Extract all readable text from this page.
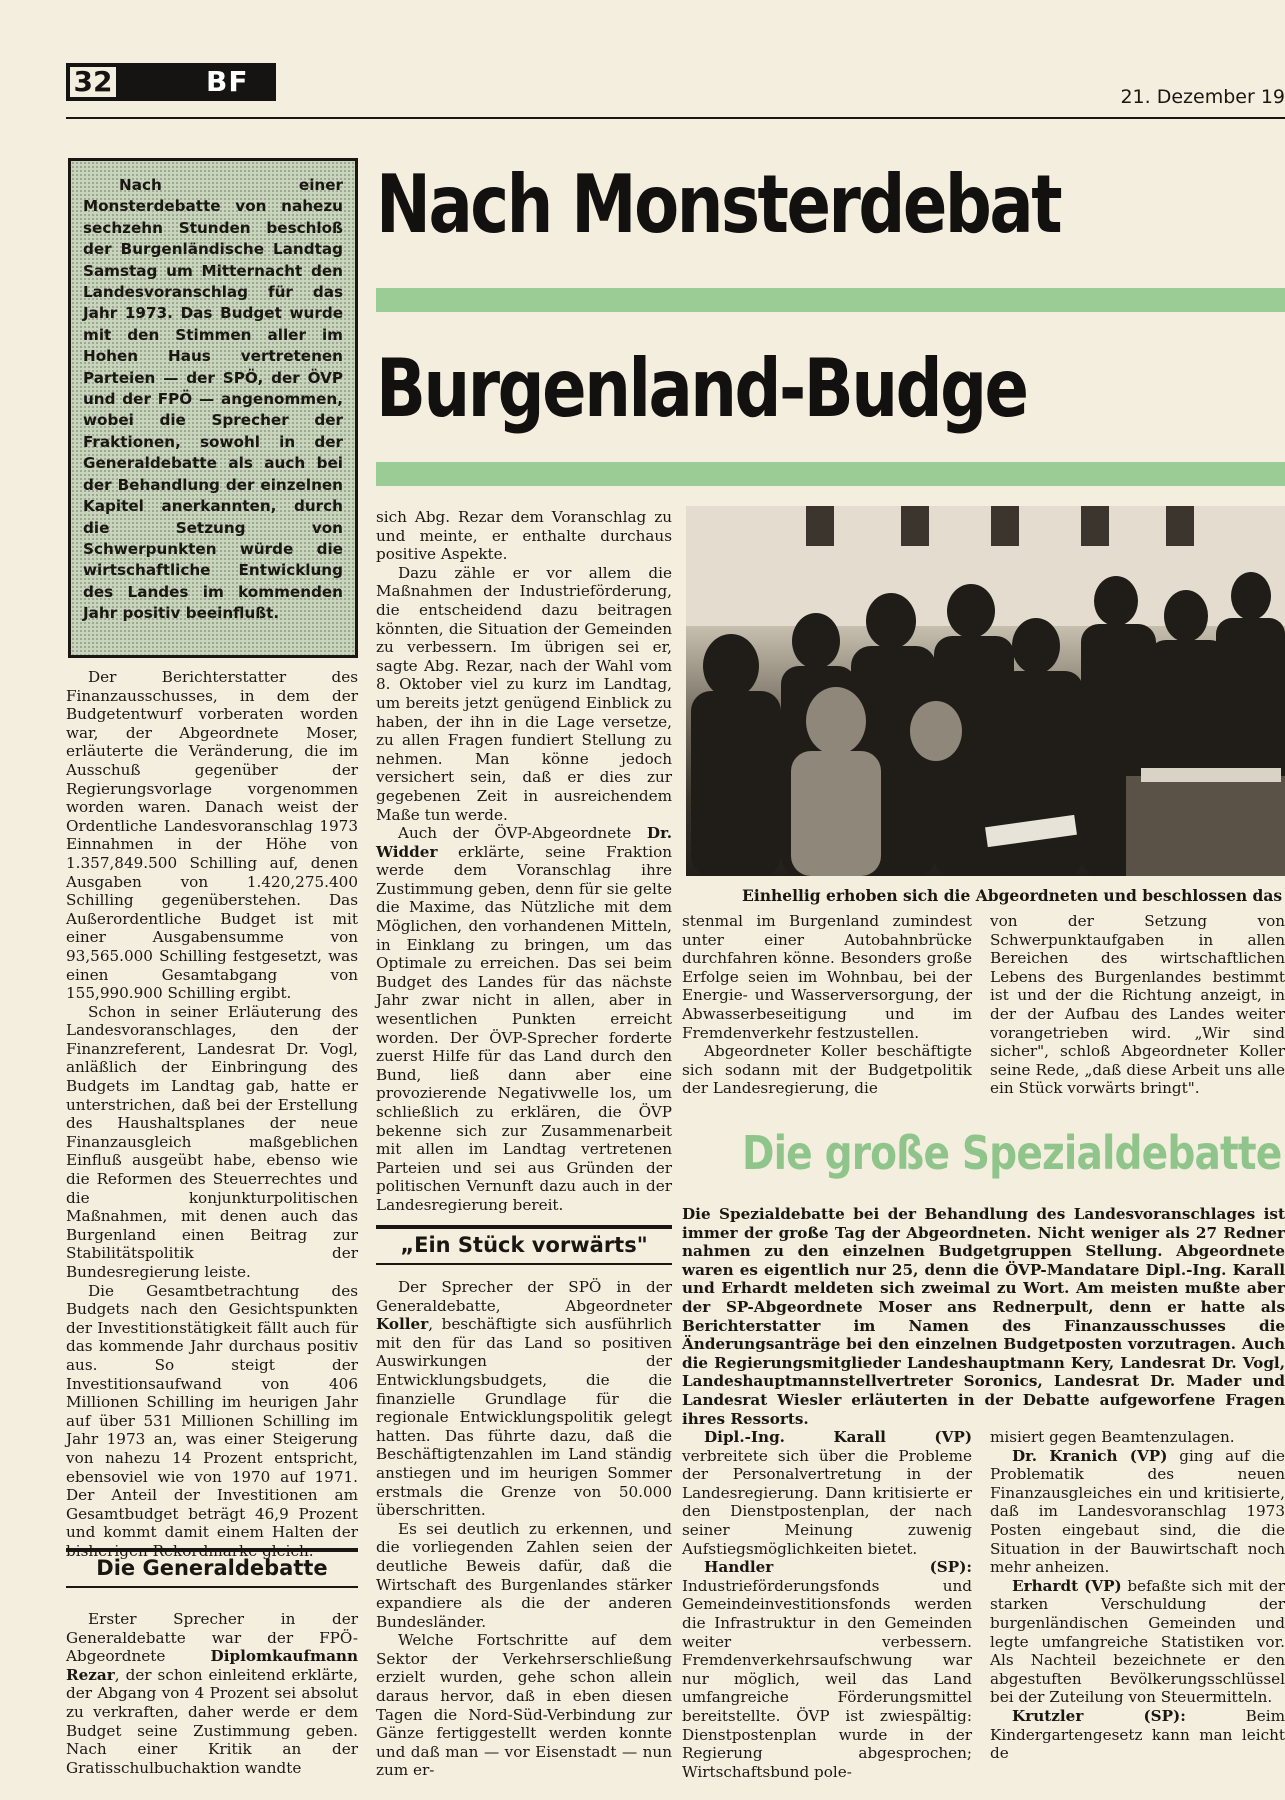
32	BF	21. Dezember 19
Nach einer Monsterdebatte von nahezu sechzehn Stunden beschloß der Burgenländische Landtag Samstag um Mitternacht den Landesvoranschlag für das Jahr 1973. Das Budget wurde mit den Stimmen aller im Hohen Haus vertretenen Parteien — der SPÖ, der ÖVP und der FPÖ — angenommen, wobei die Sprecher der Fraktionen, sowohl in der Generaldebatte als auch bei der Behandlung der einzelnen Kapitel anerkannten, durch die Setzung von Schwerpunkten würde die wirtschaftliche Entwicklung des Landes im kommenden Jahr positiv beeinflußt.
Nach Monsterdebat
Burgenland-Budge

Der Berichterstatter des Finanzausschusses, in dem der Budgetentwurf vorberaten worden war, der Abgeordnete Moser, erläuterte die Veränderung, die im Ausschuß gegenüber der Regierungsvorlage vorgenommen worden waren. Danach weist der Ordentliche Landesvoranschlag 1973 Einnahmen in der Höhe von 1.357,849.500 Schilling auf, denen Ausgaben von 1.420,275.400 Schilling gegenüberstehen. Das Außerordentliche Budget ist mit einer Ausgabensumme von 93,565.000 Schilling festgesetzt, was einen Gesamtabgang von 155,990.900 Schilling ergibt.

Schon in seiner Erläuterung des Landesvoranschlages, den der Finanzreferent, Landesrat Dr. Vogl, anläßlich der Einbringung des Budgets im Landtag gab, hatte er unterstrichen, daß bei der Erstellung des Haushaltsplanes der neue Finanzausgleich maßgeblichen Einfluß ausgeübt habe, ebenso wie die Reformen des Steuerrechtes und die konjunkturpolitischen Maßnahmen, mit denen auch das Burgenland einen Beitrag zur Stabilitätspolitik der Bundesregierung leiste.

Die Gesamtbetrachtung des Budgets nach den Gesichtspunkten der Investitionstätigkeit fällt auch für das kommende Jahr durchaus positiv aus. So steigt der Investitionsaufwand von 406 Millionen Schilling im heurigen Jahr auf über 531 Millionen Schilling im Jahr 1973 an, was einer Steigerung von nahezu 14 Prozent entspricht, ebensoviel wie von 1970 auf 1971. Der Anteil der Investitionen am Gesamtbudget beträgt 46,9 Prozent und kommt damit einem Halten der bisherigen Rekordmarke gleich.

Die Generaldebatte

Erster Sprecher in der Generaldebatte war der FPÖ-Abgeordnete Diplomkaufmann Rezar, der schon einleitend erklärte, der Abgang von 4 Prozent sei absolut zu verkraften, daher werde er dem Budget seine Zustimmung geben. Nach einer Kritik an der Gratisschulbuchaktion wandte

sich Abg. Rezar dem Voranschlag zu und meinte, er enthalte durchaus positive Aspekte.

Dazu zähle er vor allem die Maßnahmen der Industrieförderung, die entscheidend dazu beitragen könnten, die Situation der Gemeinden zu verbessern. Im übrigen sei er, sagte Abg. Rezar, nach der Wahl vom 8. Oktober viel zu kurz im Landtag, um bereits jetzt genügend Einblick zu haben, der ihn in die Lage versetze, zu allen Fragen fundiert Stellung zu nehmen. Man könne jedoch versichert sein, daß er dies zur gegebenen Zeit in ausreichendem Maße tun werde.

Auch der ÖVP-Abgeordnete Dr. Widder erklärte, seine Fraktion werde dem Voranschlag ihre Zustimmung geben, denn für sie gelte die Maxime, das Nützliche mit dem Möglichen, den vorhandenen Mitteln, in Einklang zu bringen, um das Optimale zu erreichen. Das sei beim Budget des Landes für das nächste Jahr zwar nicht in allen, aber in wesentlichen Punkten erreicht worden. Der ÖVP-Sprecher forderte zuerst Hilfe für das Land durch den Bund, ließ dann aber eine provozierende Negativwelle los, um schließlich zu erklären, die ÖVP bekenne sich zur Zusammenarbeit mit allen im Landtag vertretenen Parteien und sei aus Gründen der politischen Vernunft dazu auch in der Landesregierung bereit.

„Ein Stück vorwärts"

Der Sprecher der SPÖ in der Generaldebatte, Abgeordneter Koller, beschäftigte sich ausführlich mit den für das Land so positiven Auswirkungen der Entwicklungsbudgets, die die finanzielle Grundlage für die regionale Entwicklungspolitik gelegt hatten. Das führte dazu, daß die Beschäftigtenzahlen im Land ständig anstiegen und im heurigen Sommer erstmals die Grenze von 50.000 überschritten.

Es sei deutlich zu erkennen, und die vorliegenden Zahlen seien der deutliche Beweis dafür, daß die Wirtschaft des Burgenlandes stärker expandiere als die der anderen Bundesländer.

Welche Fortschritte auf dem Sektor der Verkehrserschließung erzielt wurden, gehe schon allein daraus hervor, daß in eben diesen Tagen die Nord-Süd-Verbindung zur Gänze fertiggestellt werden konnte und daß man — vor Eisenstadt — nun zum er-

Einhellig erhoben sich die Abgeordneten und beschlossen das

stenmal im Burgenland zumindest unter einer Autobahnbrücke durchfahren könne. Besonders große Erfolge seien im Wohnbau, bei der Energie- und Wasserversorgung, der Abwasserbeseitigung und im Fremdenverkehr festzustellen.

Abgeordneter Koller beschäftigte sich sodann mit der Budgetpolitik der Landesregierung, die

von der Setzung von Schwerpunktaufgaben in allen Bereichen des wirtschaftlichen Lebens des Burgenlandes bestimmt ist und der die Richtung anzeigt, in der der Aufbau des Landes weiter vorangetrieben wird. „Wir sind sicher", schloß Abgeordneter Koller seine Rede, „daß diese Arbeit uns alle ein Stück vorwärts bringt".

Die große Spezialdebatte
Die Spezialdebatte bei der Behandlung des Landesvoranschlages ist immer der große Tag der Abgeordneten. Nicht weniger als 27 Redner nahmen zu den einzelnen Budgetgruppen Stellung. Abgeordnete waren es eigentlich nur 25, denn die ÖVP-Mandatare Dipl.-Ing. Karall und Erhardt meldeten sich zweimal zu Wort. Am meisten mußte aber der SP-Abgeordnete Moser ans Rednerpult, denn er hatte als Berichterstatter im Namen des Finanzausschusses die Änderungsanträge bei den einzelnen Budgetposten vorzutragen. Auch die Regierungsmitglieder Landeshauptmann Kery, Landesrat Dr. Vogl, Landeshauptmannstellvertreter Soronics, Landesrat Dr. Mader und Landesrat Wiesler erläuterten in der Debatte aufgeworfene Fragen ihres Ressorts.

Dipl.-Ing. Karall (VP) verbreitete sich über die Probleme der Personalvertretung in der Landesregierung. Dann kritisierte er den Dienstpostenplan, der nach seiner Meinung zuwenig Aufstiegsmöglichkeiten bietet.

Handler (SP): Industrieförderungsfonds und Gemeindeinvestitionsfonds werden die Infrastruktur in den Gemeinden weiter verbessern. Fremdenverkehrsaufschwung war nur möglich, weil das Land umfangreiche Förderungsmittel bereitstellte. ÖVP ist zwiespältig: Dienstpostenplan wurde in der Regierung abgesprochen; Wirtschaftsbund pole-

misiert gegen Beamtenzulagen.

Dr. Kranich (VP) ging auf die Problematik des neuen Finanzausgleiches ein und kritisierte, daß im Landesvoranschlag 1973 Posten eingebaut sind, die die Situation in der Bauwirtschaft noch mehr anheizen.

Erhardt (VP) befaßte sich mit der starken Verschuldung der burgenländischen Gemeinden und legte umfangreiche Statistiken vor. Als Nachteil bezeichnete er den abgestuften Bevölkerungsschlüssel bei der Zuteilung von Steuermitteln.

Krutzler (SP): Beim Kindergartengesetz kann man leicht de
